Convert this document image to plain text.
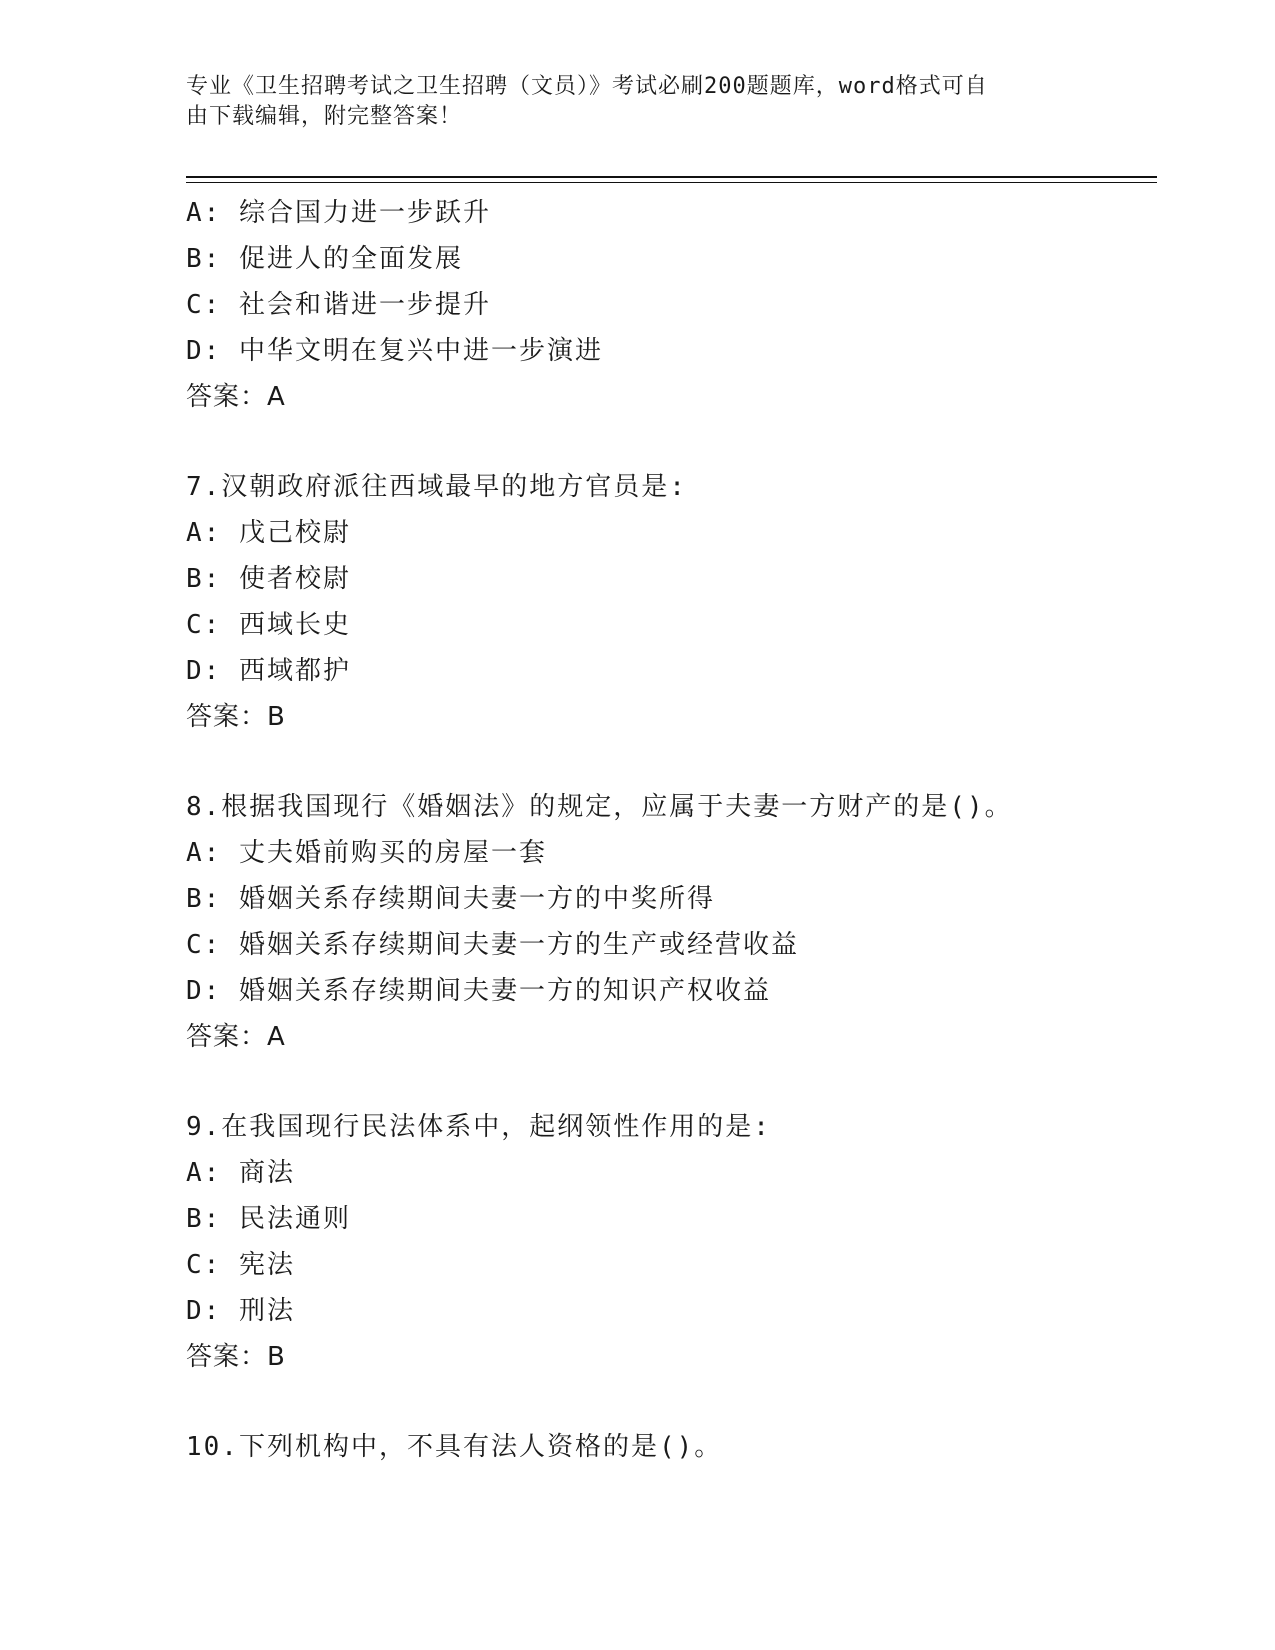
专业《卫生招聘考试之卫生招聘（文员）》考试必刷200题题库，word格式可自
由下载编辑，附完整答案！
A: 综合国力进一步跃升
B: 促进人的全面发展
C: 社会和谐进一步提升
D: 中华文明在复兴中进一步演进
答案：A
7.汉朝政府派往西域最早的地方官员是:
A: 戊己校尉
B: 使者校尉
C: 西域长史
D: 西域都护
答案：B
8.根据我国现行《婚姻法》的规定，应属于夫妻一方财产的是()。
A: 丈夫婚前购买的房屋一套
B: 婚姻关系存续期间夫妻一方的中奖所得
C: 婚姻关系存续期间夫妻一方的生产或经营收益
D: 婚姻关系存续期间夫妻一方的知识产权收益
答案：A
9.在我国现行民法体系中，起纲领性作用的是:
A: 商法
B: 民法通则
C: 宪法
D: 刑法
答案：B
10.下列机构中，不具有法人资格的是()。
